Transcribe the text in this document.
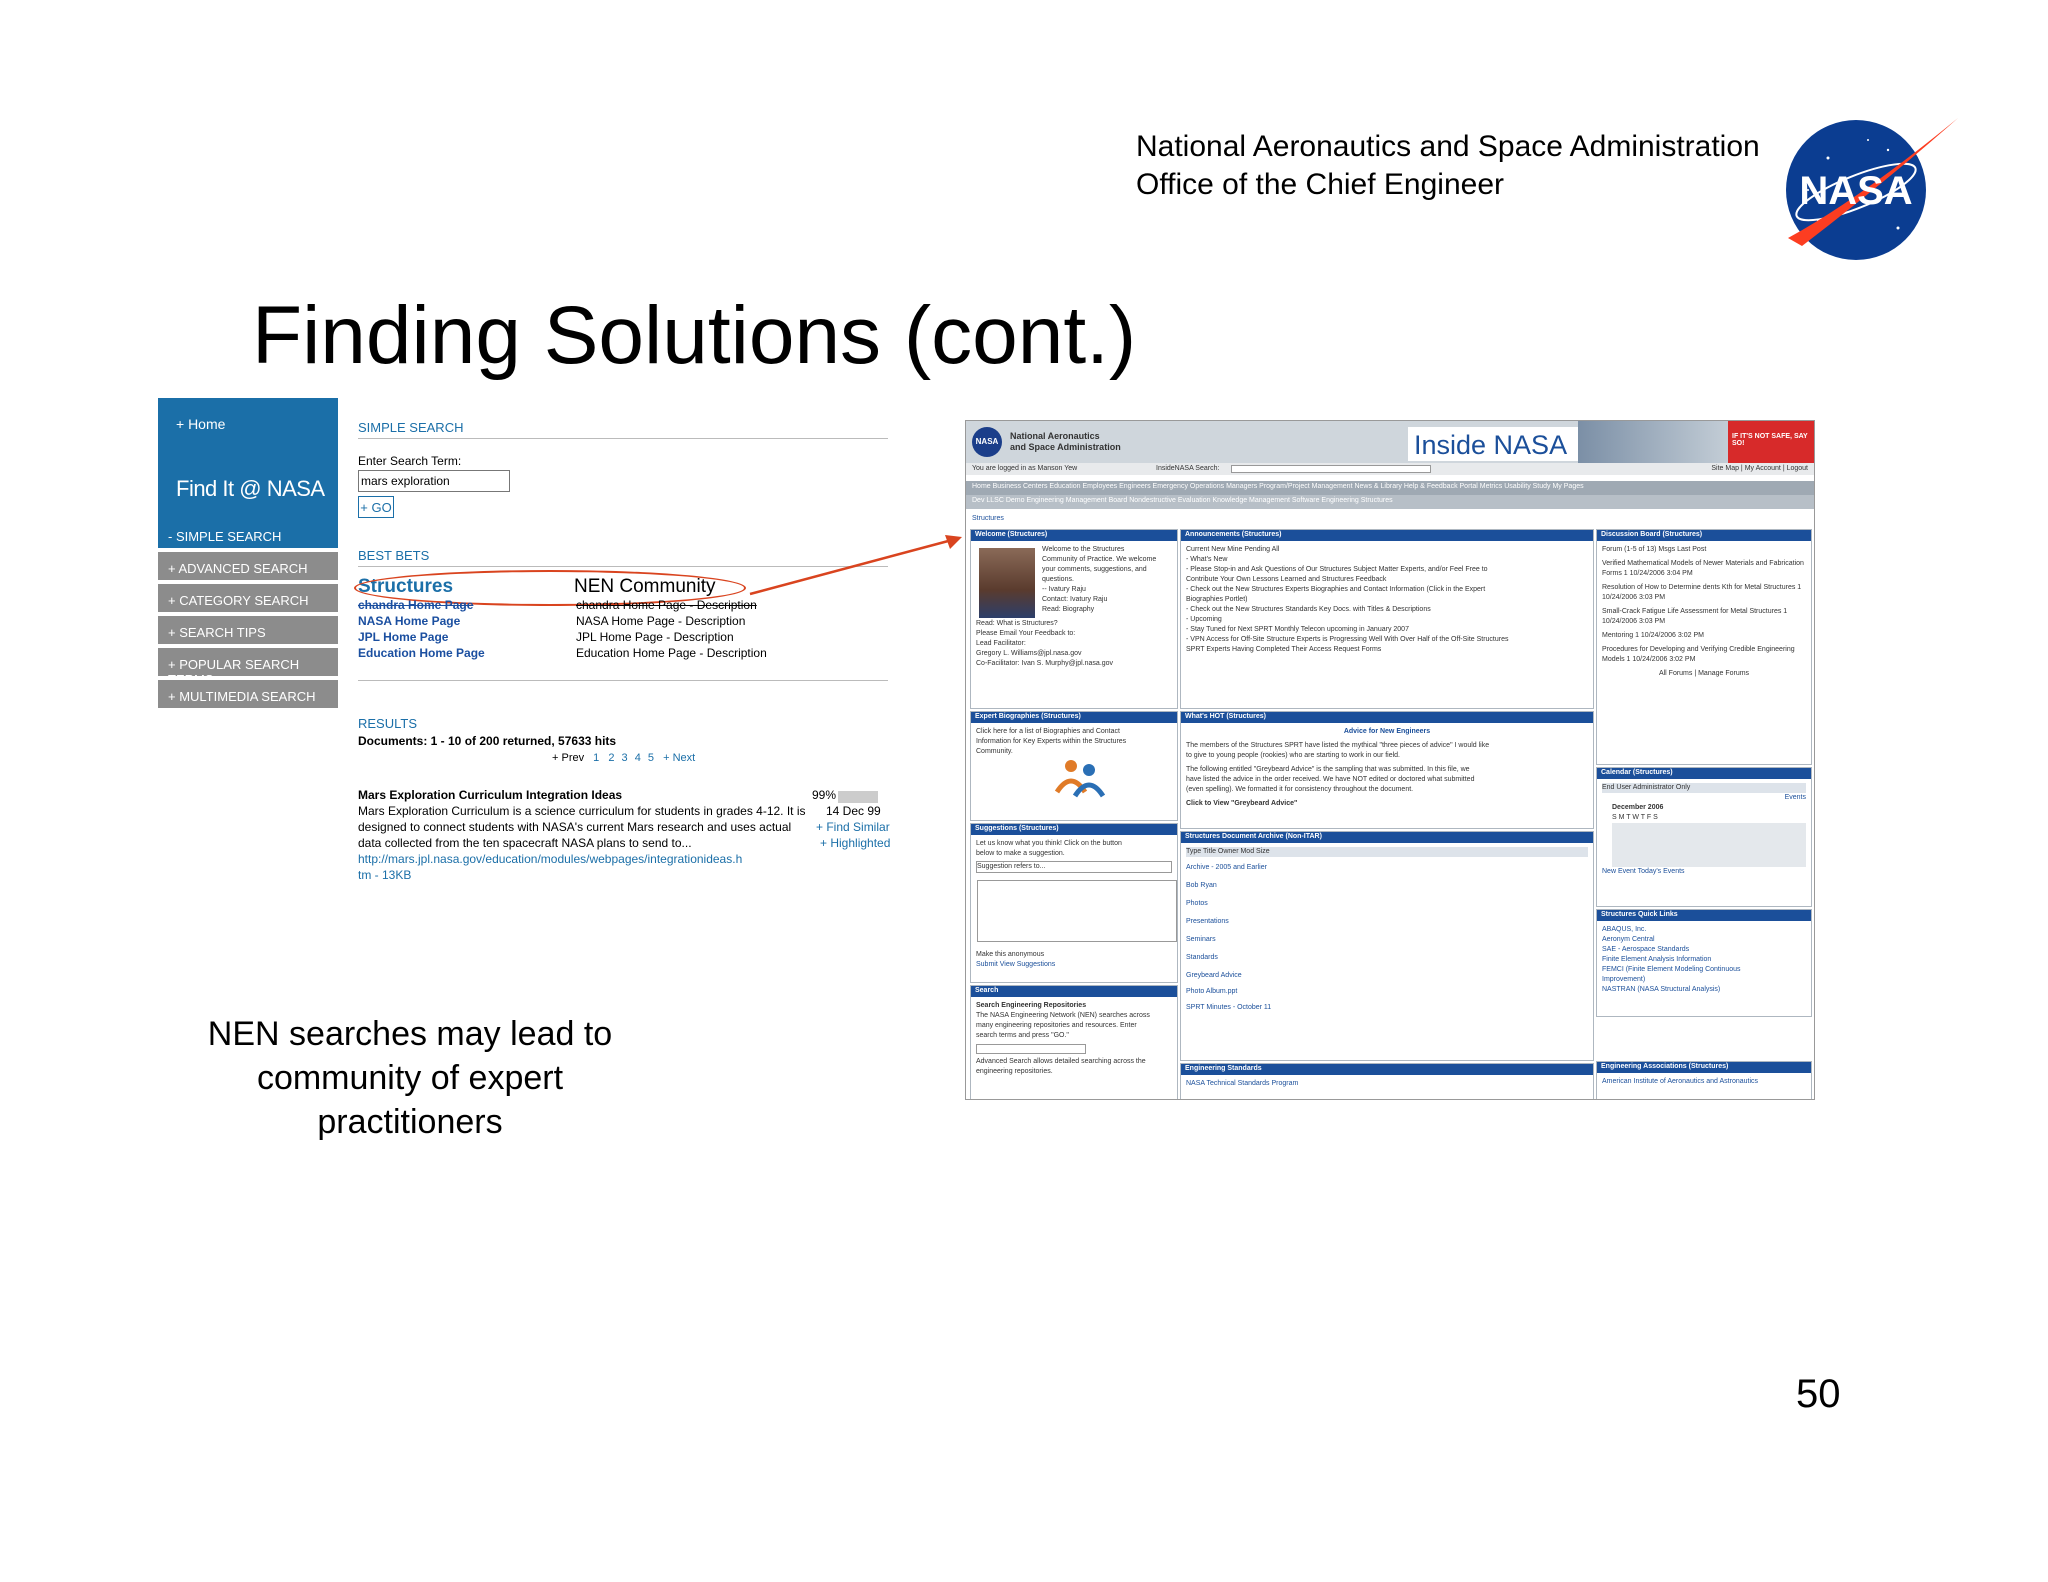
National Aeronautics and Space Administration
Office of the Chief Engineer	NASA
Finding Solutions (cont.)
+ Home
Find It @ NASA
- SIMPLE SEARCH
+ ADVANCED SEARCH
+ CATEGORY SEARCH
+ SEARCH TIPS
+ POPULAR SEARCH
+ MULTIMEDIA SEARCH
SIMPLE SEARCH
Enter Search Term:
mars exploration
+ GO
BEST BETS
Structures	NEN Community
chandra Home Page	chandra Home Page - Description
NASA Home Page	NASA Home Page - Description
JPL Home Page	JPL Home Page - Description
Education Home Page	Education Home Page - Description
RESULTS
Documents: 1 - 10 of 200 returned, 57633 hits
+ Prev 1 2 3 4 5 + Next
Mars Exploration Curriculum Integration Ideas
Mars Exploration Curriculum is a science curriculum for students in grades 4-12. It is
designed to connect students with NASA's current Mars research and uses actual
data collected from the ten spacecraft NASA plans to send to...
http://mars.jpl.nasa.gov/education/modules/webpages/integrationideas.h
tm - 13KB
99%
14 Dec 99
+ Find Similar
+ Highlighted
NASA
National Aeronautics
and Space Administration	Inside NASA	IF IT'S NOT SAFE, SAY SO!
You are logged in as Manson Yew	InsideNASA Search:	Site Map | My Account | Logout
Home Business Centers Education Employees Engineers Emergency Operations Managers Program/Project Management News & Library Help & Feedback Portal Metrics Usability Study My Pages
Dev LLSC Demo Engineering Management Board Nondestructive Evaluation Knowledge Management Software Engineering Structures
Structures
Welcome (Structures)
Welcome to the Structures
Community of Practice. We welcome
your comments, suggestions, and
questions.
-- Ivatury Raju
Contact: Ivatury Raju
Read: Biography
Read: What is Structures?
Please Email Your Feedback to:
Lead Facilitator:
Gregory L. Williams@jpl.nasa.gov
Co-Facilitator: Ivan S. Murphy@jpl.nasa.gov
Announcements (Structures)
Current New Mine Pending All
- What's New
- Please Stop-in and Ask Questions of Our Structures Subject Matter Experts, and/or Feel Free to
Contribute Your Own Lessons Learned and Structures Feedback
- Check out the New Structures Experts Biographies and Contact Information (Click in the Expert
Biographies Portlet)
- Check out the New Structures Standards Key Docs. with Titles & Descriptions
- Upcoming
- Stay Tuned for Next SPRT Monthly Telecon upcoming in January 2007
- VPN Access for Off-Site Structure Experts is Progressing Well With Over Half of the Off-Site Structures
SPRT Experts Having Completed Their Access Request Forms
Discussion Board (Structures)
Forum (1-5 of 13) Msgs Last Post
Verified Mathematical Models of Newer Materials and Fabrication Forms 1 10/24/2006 3:04 PM
Resolution of How to Determine dents Kth for Metal Structures 1 10/24/2006 3:03 PM
Small-Crack Fatigue Life Assessment for Metal Structures 1 10/24/2006 3:03 PM
Mentoring 1 10/24/2006 3:02 PM
Procedures for Developing and Verifying Credible Engineering Models 1 10/24/2006 3:02 PM
All Forums | Manage Forums
Expert Biographies (Structures)
Click here for a list of Biographies and Contact
Information for Key Experts within the Structures
Community.
What's HOT (Structures)
Advice for New Engineers
The members of the Structures SPRT have listed the mythical "three pieces of advice" I would like
to give to young people (rookies) who are starting to work in our field.
The following entitled "Greybeard Advice" is the sampling that was submitted. In this file, we
have listed the advice in the order received. We have NOT edited or doctored what submitted
(even spelling). We formatted it for consistency throughout the document.
Click to View "Greybeard Advice"
Suggestions (Structures)
Let us know what you think! Click on the button
below to make a suggestion.
Suggestion refers to...
Make this anonymous
Submit View Suggestions
Structures Document Archive (Non-ITAR)
Type Title Owner Mod Size
Archive - 2005 and Earlier
Bob Ryan
Photos
Presentations
Seminars
Standards
Greybeard Advice
Photo Album.ppt
SPRT Minutes - October 11
Calendar (Structures)
End User Administrator Only
Events
December 2006
S M T W T F S
New Event Today's Events
Search
Search Engineering Repositories
The NASA Engineering Network (NEN) searches across
many engineering repositories and resources. Enter
search terms and press "GO."
Advanced Search allows detailed searching across the
engineering repositories.
Structures Quick Links
ABAQUS, Inc.
Aeronym Central
SAE - Aerospace Standards
Finite Element Analysis Information
FEMCI (Finite Element Modeling Continuous
Improvement)
NASTRAN (NASA Structural Analysis)
Engineering Standards
NASA Technical Standards Program
Engineering Associations (Structures)
American Institute of Aeronautics and Astronautics
NEN searches may lead to community of expert practitioners
50
